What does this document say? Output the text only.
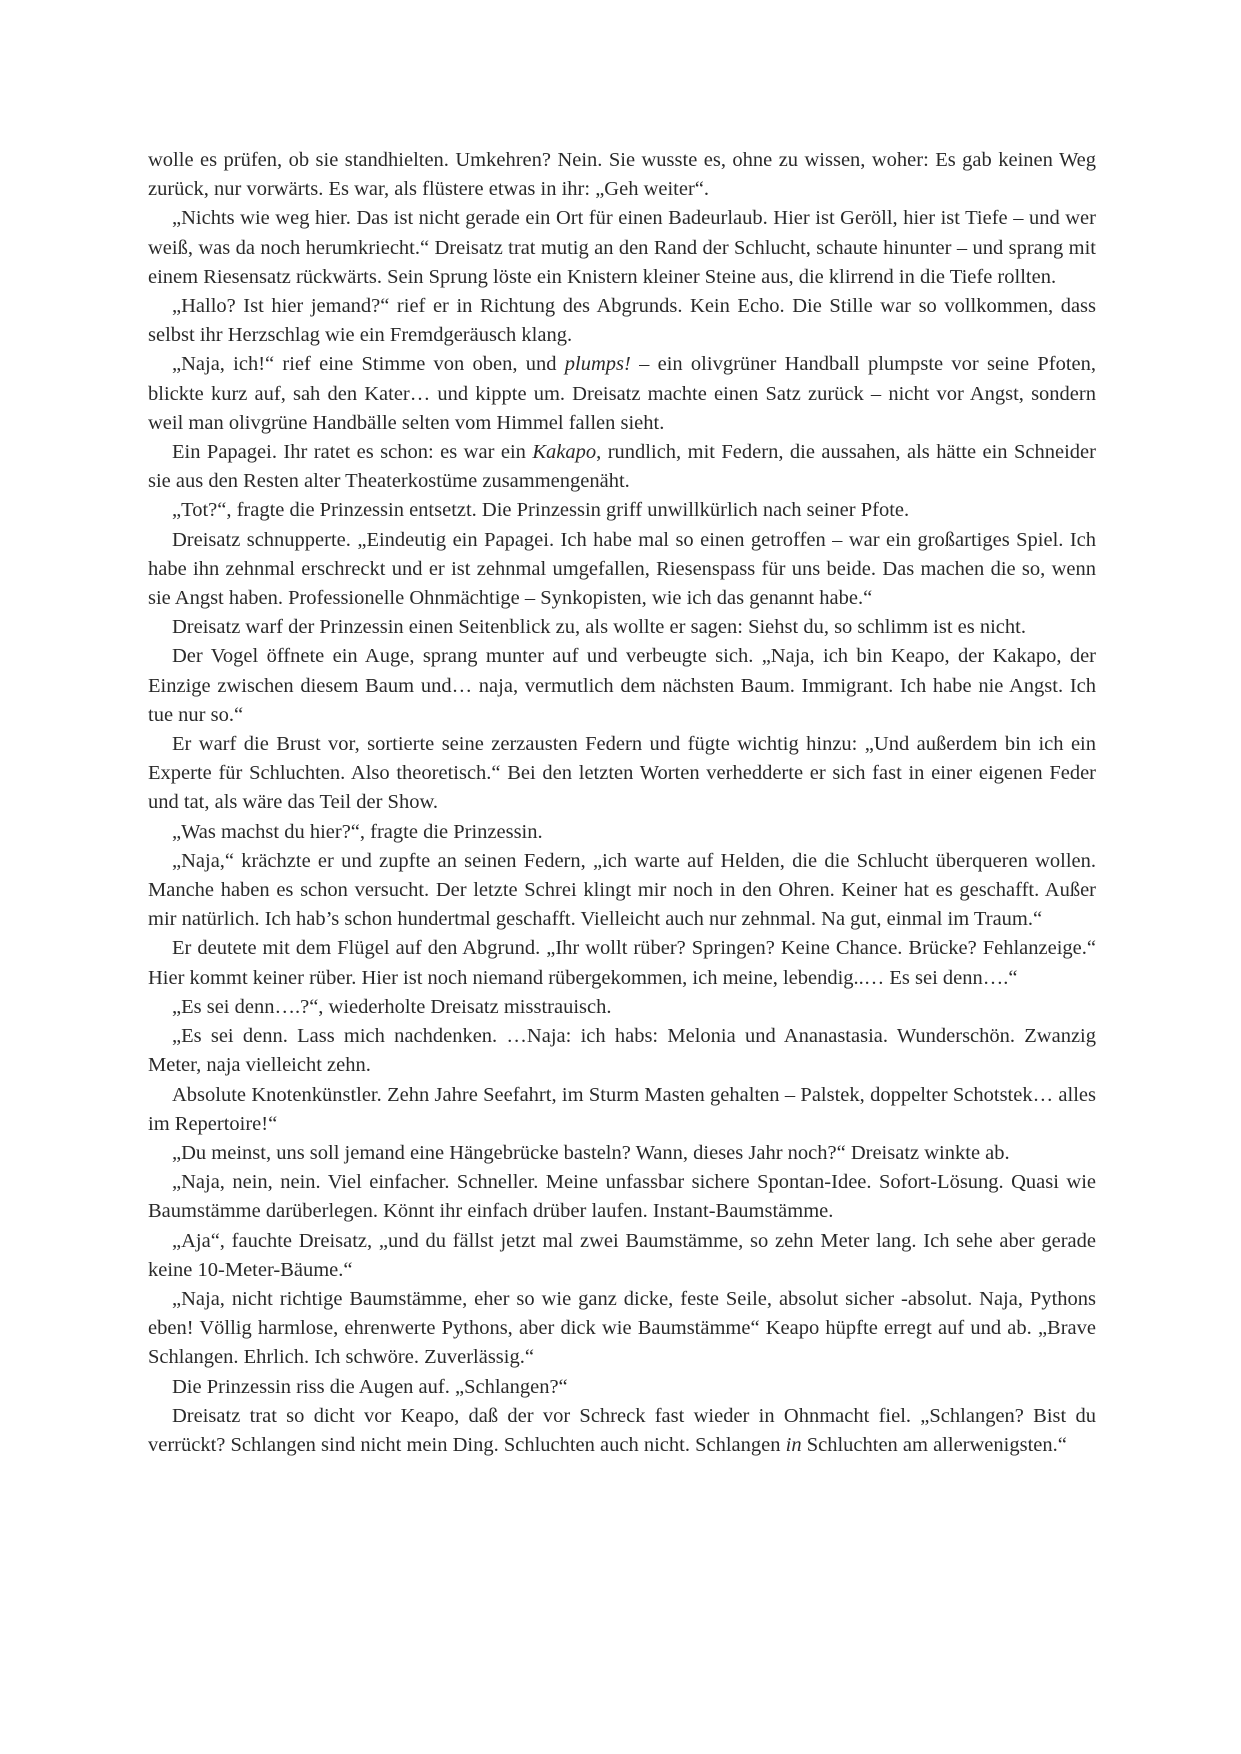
wolle es prüfen, ob sie standhielten. Umkehren? Nein. Sie wusste es, ohne zu wissen, woher: Es gab keinen Weg zurück, nur vorwärts. Es war, als flüstere etwas in ihr: „Geh weiter“.

„Nichts wie weg hier. Das ist nicht gerade ein Ort für einen Badeurlaub. Hier ist Geröll, hier ist Tiefe – und wer weiß, was da noch herumkriecht.“ Dreisatz trat mutig an den Rand der Schlucht, schaute hinunter – und sprang mit einem Riesensatz rückwärts. Sein Sprung löste ein Knistern kleiner Steine aus, die klirrend in die Tiefe rollten.

„Hallo? Ist hier jemand?“ rief er in Richtung des Abgrunds. Kein Echo. Die Stille war so vollkommen, dass selbst ihr Herzschlag wie ein Fremdgeräusch klang.

„Naja, ich!“ rief eine Stimme von oben, und plumps! – ein olivgrüner Handball plumpste vor seine Pfoten, blickte kurz auf, sah den Kater… und kippte um. Dreisatz machte einen Satz zurück – nicht vor Angst, sondern weil man olivgrüne Handbälle selten vom Himmel fallen sieht.

Ein Papagei. Ihr ratet es schon: es war ein Kakapo, rundlich, mit Federn, die aussahen, als hätte ein Schneider sie aus den Resten alter Theaterkostüme zusammengenäht.

„Tot?“, fragte die Prinzessin entsetzt. Die Prinzessin griff unwillkürlich nach seiner Pfote.

Dreisatz schnupperte. „Eindeutig ein Papagei. Ich habe mal so einen getroffen – war ein großartiges Spiel. Ich habe ihn zehnmal erschreckt und er ist zehnmal umgefallen, Riesenspass für uns beide. Das machen die so, wenn sie Angst haben. Professionelle Ohnmächtige – Synkopisten, wie ich das genannt habe.“

Dreisatz warf der Prinzessin einen Seitenblick zu, als wollte er sagen: Siehst du, so schlimm ist es nicht.

Der Vogel öffnete ein Auge, sprang munter auf und verbeugte sich. „Naja, ich bin Keapo, der Kakapo, der Einzige zwischen diesem Baum und… naja, vermutlich dem nächsten Baum. Immigrant. Ich habe nie Angst. Ich tue nur so.“

Er warf die Brust vor, sortierte seine zerzausten Federn und fügte wichtig hinzu: „Und außerdem bin ich ein Experte für Schluchten. Also theoretisch.“ Bei den letzten Worten verhedderte er sich fast in einer eigenen Feder und tat, als wäre das Teil der Show.

„Was machst du hier?“, fragte die Prinzessin.

„Naja,“ krächzte er und zupfte an seinen Federn, „ich warte auf Helden, die die Schlucht überqueren wollen. Manche haben es schon versucht. Der letzte Schrei klingt mir noch in den Ohren. Keiner hat es geschafft. Außer mir natürlich. Ich hab’s schon hundertmal geschafft. Vielleicht auch nur zehnmal. Na gut, einmal im Traum.“

Er deutete mit dem Flügel auf den Abgrund. „Ihr wollt rüber? Springen? Keine Chance. Brücke? Fehlanzeige.“ Hier kommt keiner rüber. Hier ist noch niemand rübergekommen, ich meine, lebendig..… Es sei denn….“

„Es sei denn….?“, wiederholte Dreisatz misstrauisch.

„Es sei denn. Lass mich nachdenken. …Naja: ich habs: Melonia und Ananastasia. Wunderschön. Zwanzig Meter, naja vielleicht zehn.

Absolute Knotenkünstler. Zehn Jahre Seefahrt, im Sturm Masten gehalten – Palstek, doppelter Schotstek… alles im Repertoire!“

„Du meinst, uns soll jemand eine Hängebrücke basteln? Wann, dieses Jahr noch?“ Dreisatz winkte ab.

„Naja, nein, nein. Viel einfacher. Schneller. Meine unfassbar sichere Spontan-Idee. Sofort-Lösung. Quasi wie Baumstämme darüberlegen. Könnt ihr einfach drüber laufen. Instant-Baumstämme.

„Aja“, fauchte Dreisatz, „und du fällst jetzt mal zwei Baumstämme, so zehn Meter lang. Ich sehe aber gerade keine 10-Meter-Bäume.“

„Naja, nicht richtige Baumstämme, eher so wie ganz dicke, feste Seile, absolut sicher -absolut. Naja, Pythons eben! Völlig harmlose, ehrenwerte Pythons, aber dick wie Baumstämme“ Keapo hüpfte erregt auf und ab. „Brave Schlangen. Ehrlich. Ich schwöre. Zuverlässig.“

Die Prinzessin riss die Augen auf. „Schlangen?“

Dreisatz trat so dicht vor Keapo, daß der vor Schreck fast wieder in Ohnmacht fiel. „Schlangen? Bist du verrückt? Schlangen sind nicht mein Ding. Schluchten auch nicht. Schlangen in Schluchten am allerwenigsten.“
